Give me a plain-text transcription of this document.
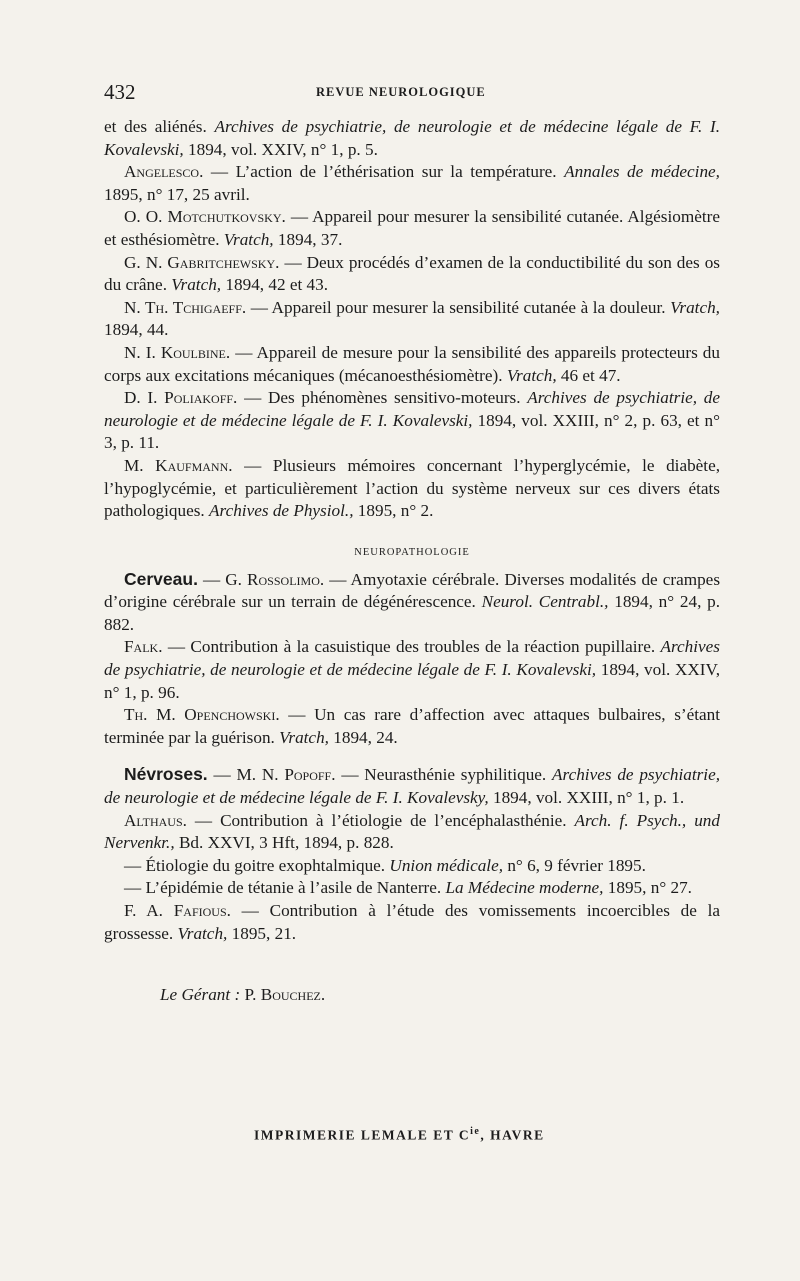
432	REVUE NEUROLOGIQUE

et des aliénés. Archives de psychiatrie, de neurologie et de médecine légale de F. I. Kovalevski, 1894, vol. XXIV, n° 1, p. 5.

Angelesco. — L’action de l’éthérisation sur la température. Annales de médecine, 1895, n° 17, 25 avril.

O. O. Motchutkovsky. — Appareil pour mesurer la sensibilité cutanée. Algésiomètre et esthésiomètre. Vratch, 1894, 37.

G. N. Gabritchewsky. — Deux procédés d’examen de la conductibilité du son des os du crâne. Vratch, 1894, 42 et 43.

N. Th. Tchigaeff. — Appareil pour mesurer la sensibilité cutanée à la douleur. Vratch, 1894, 44.

N. I. Koulbine. — Appareil de mesure pour la sensibilité des appareils protecteurs du corps aux excitations mécaniques (mécanoesthésiomètre). Vratch, 46 et 47.

D. I. Poliakoff. — Des phénomènes sensitivo-moteurs. Archives de psychiatrie, de neurologie et de médecine légale de F. I. Kovalevski, 1894, vol. XXIII, n° 2, p. 63, et n° 3, p. 11.

M. Kaufmann. — Plusieurs mémoires concernant l’hyperglycémie, le diabète, l’hypoglycémie, et particulièrement l’action du système nerveux sur ces divers états pathologiques. Archives de Physiol., 1895, n° 2.

NEUROPATHOLOGIE

Cerveau. — G. Rossolimo. — Amyotaxie cérébrale. Diverses modalités de crampes d’origine cérébrale sur un terrain de dégénérescence. Neurol. Centrabl., 1894, n° 24, p. 882.

Falk. — Contribution à la casuistique des troubles de la réaction pupillaire. Archives de psychiatrie, de neurologie et de médecine légale de F. I. Kovalevski, 1894, vol. XXIV, n° 1, p. 96.

Th. M. Openchowski. — Un cas rare d’affection avec attaques bulbaires, s’étant terminée par la guérison. Vratch, 1894, 24.

Névroses. — M. N. Popoff. — Neurasthénie syphilitique. Archives de psychiatrie, de neurologie et de médecine légale de F. I. Kovalevsky, 1894, vol. XXIII, n° 1, p. 1.

Althaus. — Contribution à l’étiologie de l’encéphalasthénie. Arch. f. Psych., und Nervenkr., Bd. XXVI, 3 Hft, 1894, p. 828.

— Étiologie du goitre exophtalmique. Union médicale, n° 6, 9 février 1895.

— L’épidémie de tétanie à l’asile de Nanterre. La Médecine moderne, 1895, n° 27.

F. A. Fafious. — Contribution à l’étude des vomissements incoercibles de la grossesse. Vratch, 1895, 21.

Le Gérant : P. Bouchez.
IMPRIMERIE LEMALE ET $C^{ie}$, HAVRE
